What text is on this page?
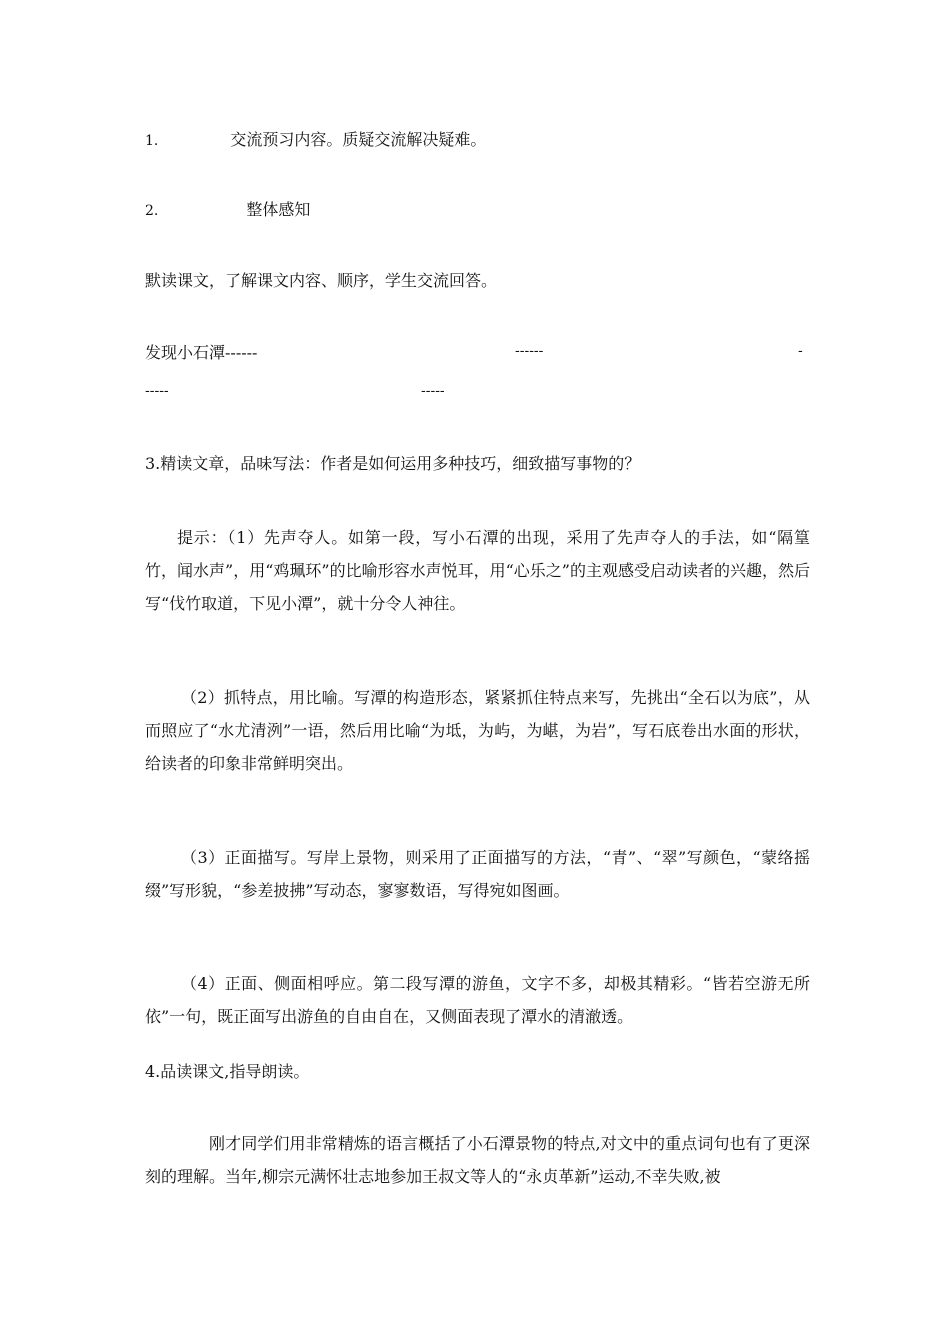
1.	交流预习内容。质疑交流解决疑难。
2.	整体感知
默读课文，了解课文内容、顺序，学生交流回答。
发现小石潭------	------	-
-----	-----
3.精读文章，品味写法：作者是如何运用多种技巧，细致描写事物的？
提示：（1）先声夺人。如第一段，写小石潭的出现，采用了先声夺人的手法，如“隔篁竹，闻水声”，用“鸡珮环”的比喻形容水声悦耳，用“心乐之”的主观感受启动读者的兴趣，然后写“伐竹取道，下见小潭”，就十分令人神往。
（2）抓特点，用比喻。写潭的构造形态，紧紧抓住特点来写，先挑出“全石以为底”，从而照应了“水尤清洌”一语，然后用比喻“为坻，为屿，为嵁，为岩”，写石底卷出水面的形状，给读者的印象非常鲜明突出。
（3）正面描写。写岸上景物，则采用了正面描写的方法，“青”、“翠”写颜色，“蒙络摇缀”写形貌，“参差披拂”写动态，寥寥数语，写得宛如图画。
（4）正面、侧面相呼应。第二段写潭的游鱼，文字不多，却极其精彩。“皆若空游无所依”一句，既正面写出游鱼的自由自在，又侧面表现了潭水的清澈透。
4.品读课文,指导朗读。
刚才同学们用非常精炼的语言概括了小石潭景物的特点,对文中的重点词句也有了更深刻的理解。当年,柳宗元满怀壮志地参加王叔文等人的“永贞革新”运动,不幸失败,被
